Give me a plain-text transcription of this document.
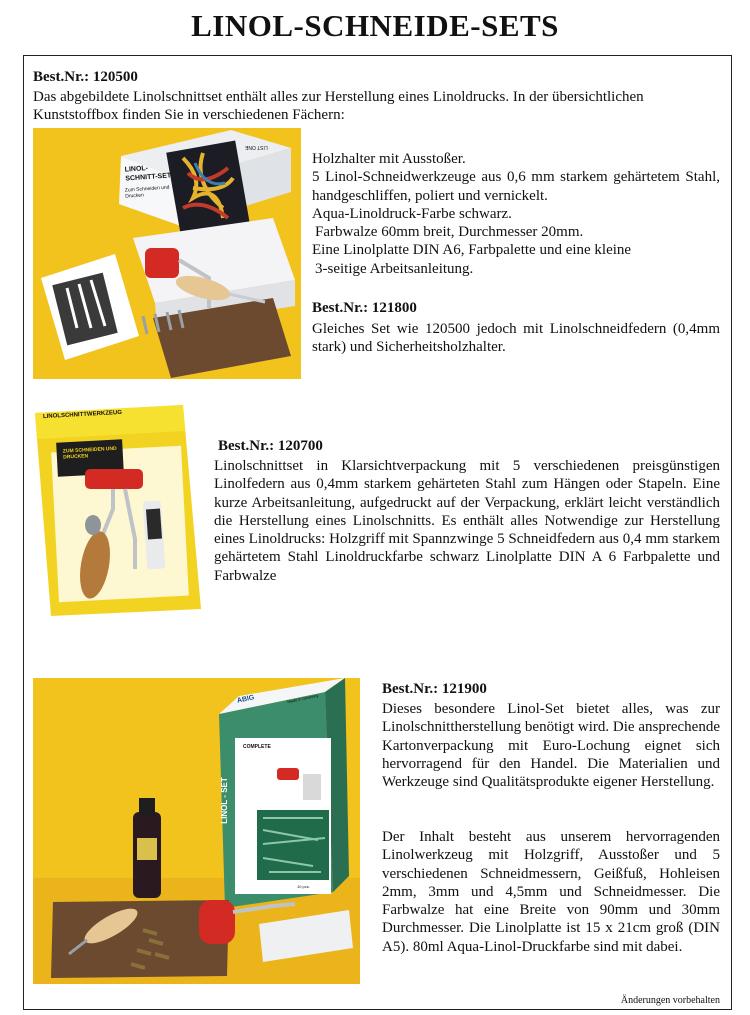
LINOL-SCHNEIDE-SETS
Best.Nr.: 120500
Das abgebildete Linolschnittset enthält alles zur Herstellung eines Linoldrucks. In der übersichtlichen Kunststoffbox finden Sie in verschiedenen Fächern:
LINOL-SCHNITT-SET
Zum Schneiden und Drucken
LIST ONE
Holzhalter mit Ausstoßer.
5 Linol-Schneidwerkzeuge aus 0,6 mm starkem gehärtetem Stahl, handgeschliffen, poliert und vernickelt.
Aqua-Linoldruck-Farbe schwarz.
Farbwalze 60mm breit, Durchmesser 20mm.
Eine Linolplatte DIN A6, Farbpalette und eine kleine
3-seitige Arbeitsanleitung.
Best.Nr.: 121800
Gleiches Set wie 120500 jedoch mit Linolschneidfedern (0,4mm stark) und Sicherheitsholzhalter.
LINOLSCHNITTWERKZEUG
ZUM SCHNEIDEN UND DRUCKEN
Best.Nr.: 120700
Linolschnittset in Klarsichtverpackung mit 5 verschiedenen preisgünstigen Linolfedern aus 0,4mm starkem gehärteten Stahl zum Hängen oder Stapeln. Eine kurze Arbeitsanleitung, aufgedruckt auf der Verpackung, erklärt leicht verständlich die Herstellung eines Linolschnitts. Es enthält alles Notwendige zur Herstellung eines Linoldrucks: Holzgriff mit Spannzwinge 5 Schneidfedern aus 0,4 mm starkem gehärtetem Stahl Linoldruckfarbe schwarz Linolplatte DIN A 6 Farbpalette und Farbwalze
ABIG	Made in Germany
LINOL - SET
COMPLETE
10 pcs.
Best.Nr.: 121900
Dieses besondere Linol-Set bietet alles, was zur Linolschnittherstellung benötigt wird. Die ansprechende Kartonverpackung mit Euro-Lochung eignet sich hervorragend für den Handel. Die Materialien und Werkzeuge sind Qualitätsprodukte eigener Herstellung.
Der Inhalt besteht aus unserem hervorragenden Linolwerkzeug mit Holzgriff, Ausstoßer und 5 verschiedenen Schneidmessern, Geißfuß, Hohleisen 2mm, 3mm und 4,5mm und Schneidmesser. Die Farbwalze hat eine Breite von 90mm und 30mm Durchmesser. Die Linolplatte ist 15 x 21cm groß (DIN A5). 80ml Aqua-Linol-Druckfarbe sind mit dabei.
Änderungen vorbehalten
